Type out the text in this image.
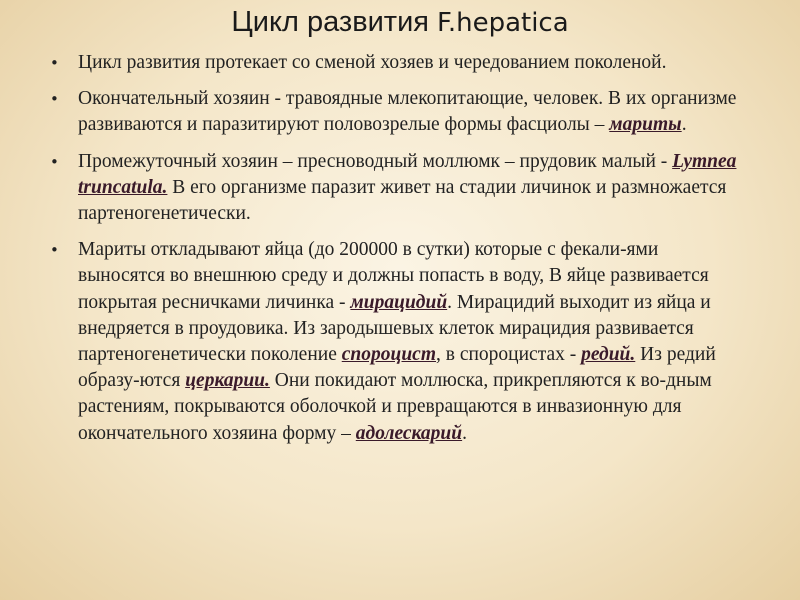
Цикл развития F.hepatica
• Цикл развития протекает со сменой хозяев и чередованием поколеной.
• Окончательный хозяин - травоядные млекопитающие, человек. В их организме развиваются и паразитируют половозрелые формы фасциолы – мариты.
• Промежуточный хозяин – пресноводный моллюмк – прудовик малый - Lymnea truncatula. В его организме паразит живет на стадии личинок и размножается партеногенетически.
• Мариты откладывают яйца (до 200000 в сутки) которые с фекали-ями выносятся во внешнюю среду и должны попасть в воду, В яйце развивается покрытая ресничками личинка - мирацидий. Мирацидий выходит из яйца и внедряется в проудовика. Из зародышевых клеток мирацидия развивается партеногенетически поколение спороцист, в спороцистах - редий. Из редий образу-ются церкарии. Они покидают моллюска, прикрепляются к во-дным растениям, покрываются оболочкой и превращаются в инвазионную для окончательного хозяина форму – адолескарий.
